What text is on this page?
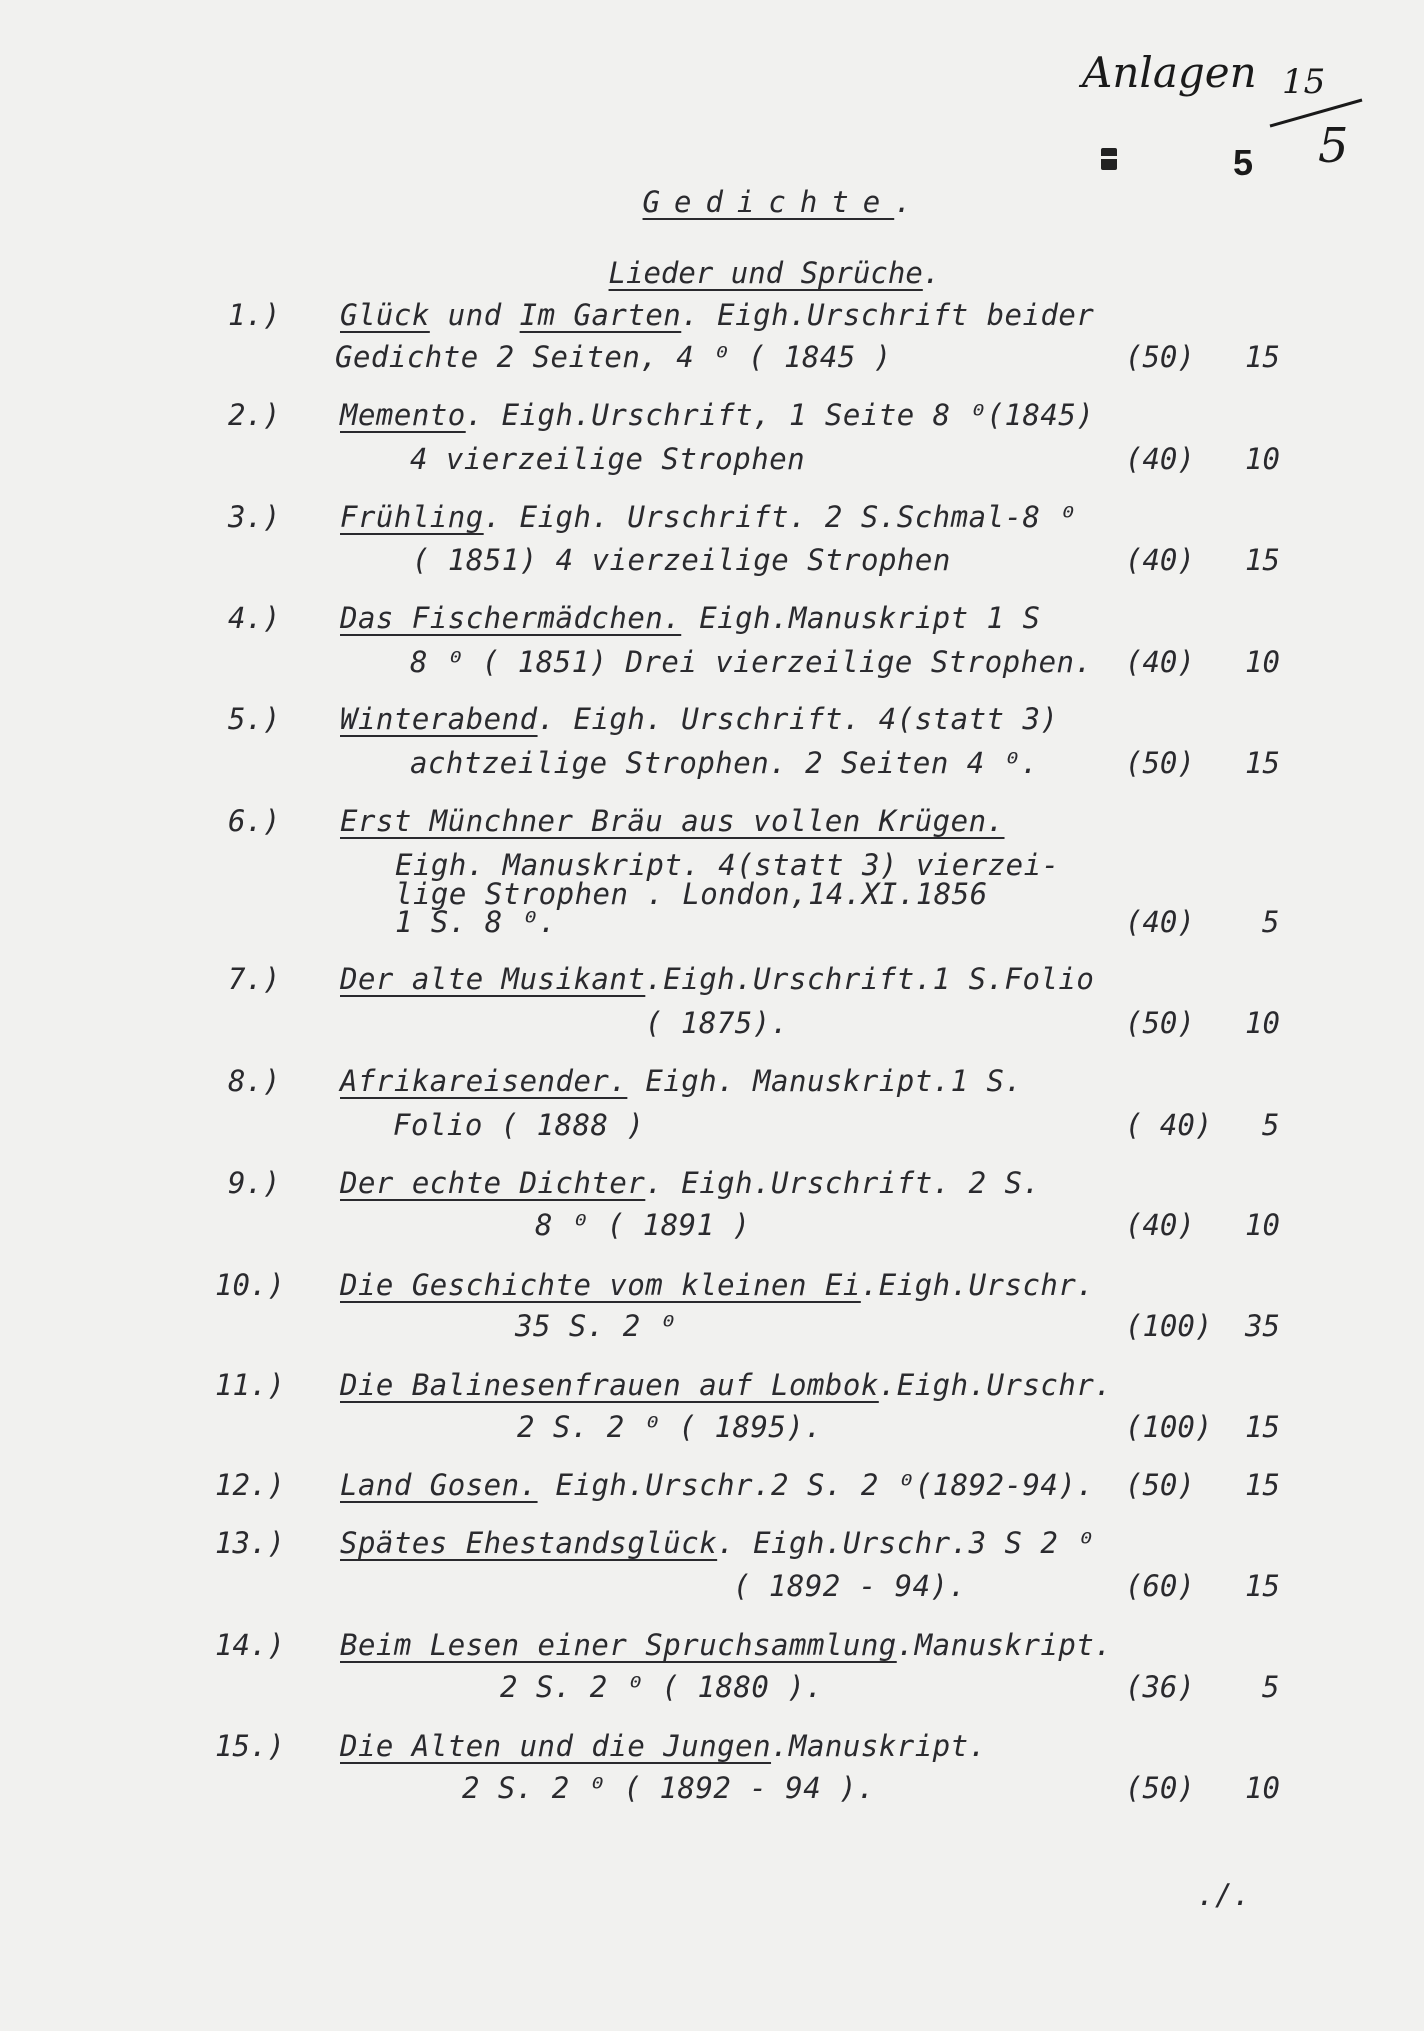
Anlagen 15
5
5

Gedichte.

Lieder und Sprüche.

1.) Glück und Im Garten. Eigh.Urschrift beider
Gedichte 2 Seiten, 4 ⁰ ( 1845 )	(50) 15
2.) Memento. Eigh.Urschrift, 1 Seite 8 ⁰(1845)
4 vierzeilige Strophen	(40) 10
3.) Frühling. Eigh. Urschrift. 2 S.Schmal-8 ⁰
( 1851) 4 vierzeilige Strophen	(40) 15
4.) Das Fischermädchen. Eigh.Manuskript 1 S
8 ⁰ ( 1851) Drei vierzeilige Strophen. (40) 10
5.) Winterabend. Eigh. Urschrift. 4(statt 3)
achtzeilige Strophen. 2 Seiten 4 ⁰.	(50) 15
6.) Erst Münchner Bräu aus vollen Krügen.
Eigh. Manuskript. 4(statt 3) vierzei-
lige Strophen . London,14.XI.1856
1 S. 8 ⁰.	(40) 5
7.) Der alte Musikant.Eigh.Urschrift.1 S.Folio
( 1875).	(50) 10
8.) Afrikareisender. Eigh. Manuskript.1 S.
Folio ( 1888 )	( 40) 5
9.) Der echte Dichter. Eigh.Urschrift. 2 S.
8 ⁰ ( 1891 )	(40) 10
10.) Die Geschichte vom kleinen Ei.Eigh.Urschr.
35 S. 2 ⁰	(100) 35
11.) Die Balinesenfrauen auf Lombok.Eigh.Urschr.
2 S. 2 ⁰ ( 1895).	(100) 15
12.) Land Gosen. Eigh.Urschr.2 S. 2 ⁰(1892-94). (50) 15
13.) Spätes Ehestandsglück. Eigh.Urschr.3 S 2 ⁰
( 1892 - 94).	(60) 15
14.) Beim Lesen einer Spruchsammlung.Manuskript.
2 S. 2 ⁰ ( 1880 ).	(36) 5
15.) Die Alten und die Jungen.Manuskript.
2 S. 2 ⁰ ( 1892 - 94 ).	(50) 10
./.
